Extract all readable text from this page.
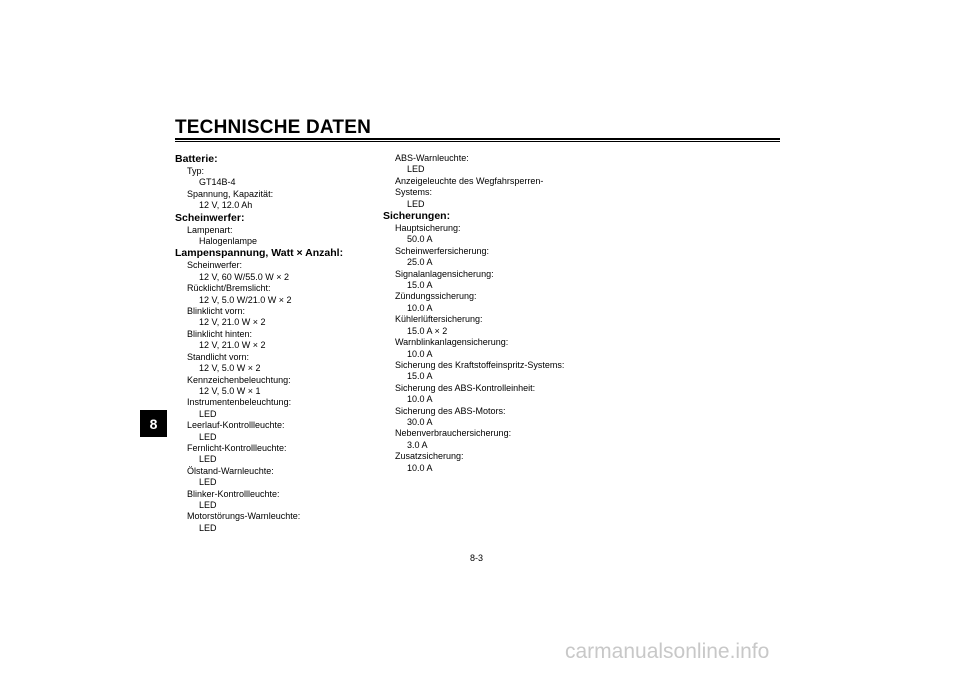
TECHNISCHE DATEN
8
Batterie:
Typ:
GT14B-4
Spannung, Kapazität:
12 V, 12.0 Ah
Scheinwerfer:
Lampenart:
Halogenlampe
Lampenspannung, Watt × Anzahl:
Scheinwerfer:
12 V, 60 W/55.0 W × 2
Rücklicht/Bremslicht:
12 V, 5.0 W/21.0 W × 2
Blinklicht vorn:
12 V, 21.0 W × 2
Blinklicht hinten:
12 V, 21.0 W × 2
Standlicht vorn:
12 V, 5.0 W × 2
Kennzeichenbeleuchtung:
12 V, 5.0 W × 1
Instrumentenbeleuchtung:
LED
Leerlauf-Kontrollleuchte:
LED
Fernlicht-Kontrollleuchte:
LED
Ölstand-Warnleuchte:
LED
Blinker-Kontrollleuchte:
LED
Motorstörungs-Warnleuchte:
LED
ABS-Warnleuchte:
LED
Anzeigeleuchte des Wegfahrsperren-Systems:
LED
Sicherungen:
Hauptsicherung:
50.0 A
Scheinwerfersicherung:
25.0 A
Signalanlagensicherung:
15.0 A
Zündungssicherung:
10.0 A
Kühlerlüftersicherung:
15.0 A × 2
Warnblinkanlagensicherung:
10.0 A
Sicherung des Kraftstoffeinspritz-Systems:
15.0 A
Sicherung des ABS-Kontrolleinheit:
10.0 A
Sicherung des ABS-Motors:
30.0 A
Nebenverbrauchersicherung:
3.0 A
Zusatzsicherung:
10.0 A
8-3
carmanualsonline.info
